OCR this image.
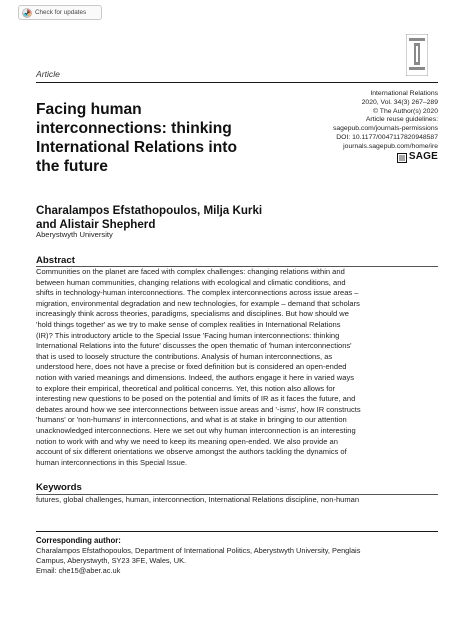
Check for updates
Article
International Relations
2020, Vol. 34(3) 267–289
© The Author(s) 2020
Article reuse guidelines:
sagepub.com/journals-permissions
DOI: 10.1177/0047117820948587
journals.sagepub.com/home/ire
SAGE
Facing human
interconnections: thinking
International Relations into
the future
Charalampos Efstathopoulos, Milja Kurki
and Alistair Shepherd
Aberystwyth University
Abstract
Communities on the planet are faced with complex challenges: changing relations within and
between human communities, changing relations with ecological and climatic conditions, and
shifts in technology-human interconnections. The complex interconnections across issue areas –
migration, environmental degradation and new technologies, for example – demand that scholars
increasingly think across theories, paradigms, specialisms and disciplines. But how should we
'hold things together' as we try to make sense of complex realities in International Relations
(IR)? This introductory article to the Special Issue 'Facing human interconnections: thinking
International Relations into the future' discusses the open thematic of 'human interconnections'
that is used to loosely structure the contributions. Analysis of human interconnections, as
understood here, does not have a precise or fixed definition but is considered an open-ended
notion with varied meanings and dimensions. Indeed, the authors engage it here in varied ways
to explore their empirical, theoretical and political concerns. Yet, this notion also allows for
interesting new questions to be posed on the potential and limits of IR as it faces the future, and
debates around how we see interconnections between issue areas and '-isms', how IR constructs
'humans' or 'non-humans' in interconnections, and what is at stake in bringing to our attention
unacknowledged interconnections. Here we set out why human interconnection is an interesting
notion to work with and why we need to keep its meaning open-ended. We also provide an
account of six different orientations we observe amongst the authors tackling the dynamics of
human interconnections in this Special Issue.
Keywords
futures, global challenges, human, interconnection, International Relations discipline, non-human
Corresponding author:
Charalampos Efstathopoulos, Department of International Politics, Aberystwyth University, Penglais
Campus, Aberystwyth, SY23 3FE, Wales, UK.
Email: che15@aber.ac.uk
